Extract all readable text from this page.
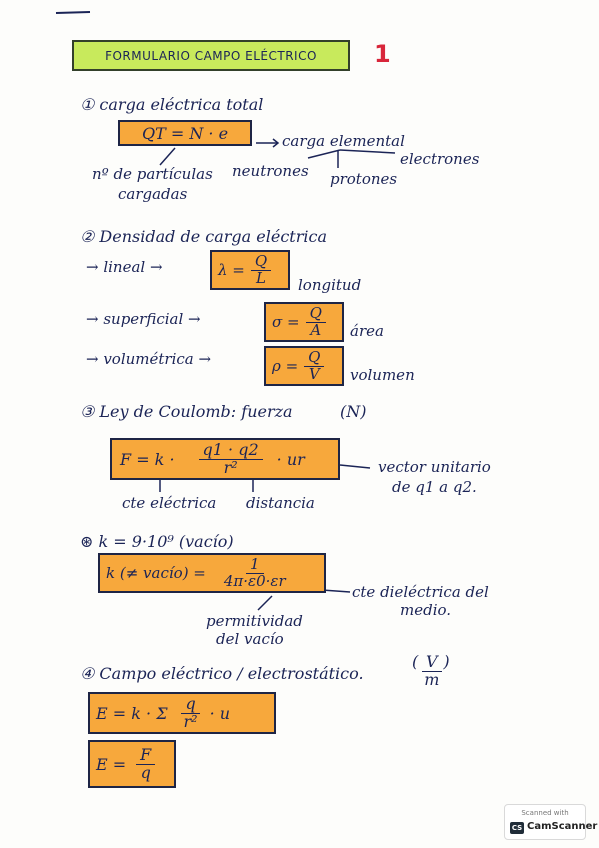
FORMULARIO CAMPO ELÉCTRICO	1
① carga eléctrica total
QT = N · e	carga elemental
nº de partículas
cargadas
neutrones protones
electrones
② Densidad de carga eléctrica
→ lineal →	$\lambda = \frac{Q}{L}$ longitud
→ superficial →	$\sigma = \frac{Q}{A}$ área
→ volumétrica →	$\rho = \frac{Q}{V}$ volumen
③ Ley de Coulomb: fuerza	(N)
$F = k \cdot \frac{q1 \cdot q2}{\text{r²}}$ · ur	vector unitario
de q1 a q2.
cte eléctrica distancia
⊛ k = 9·10⁹ (vacío)
k (≠ vacío) = $\frac{1}{4\pi\cdot\varepsilon 0\cdot\varepsilon r}$
cte dieléctrica del
medio.
permitividad
del vacío
④ Campo eléctrico / electrostático.
( $\frac{V}{m}$ )
E = k · Σ $\frac{q}{\text{r²}} \cdot u$
$E = \frac{F}{q}$
Scanned with
CS CamScanner
